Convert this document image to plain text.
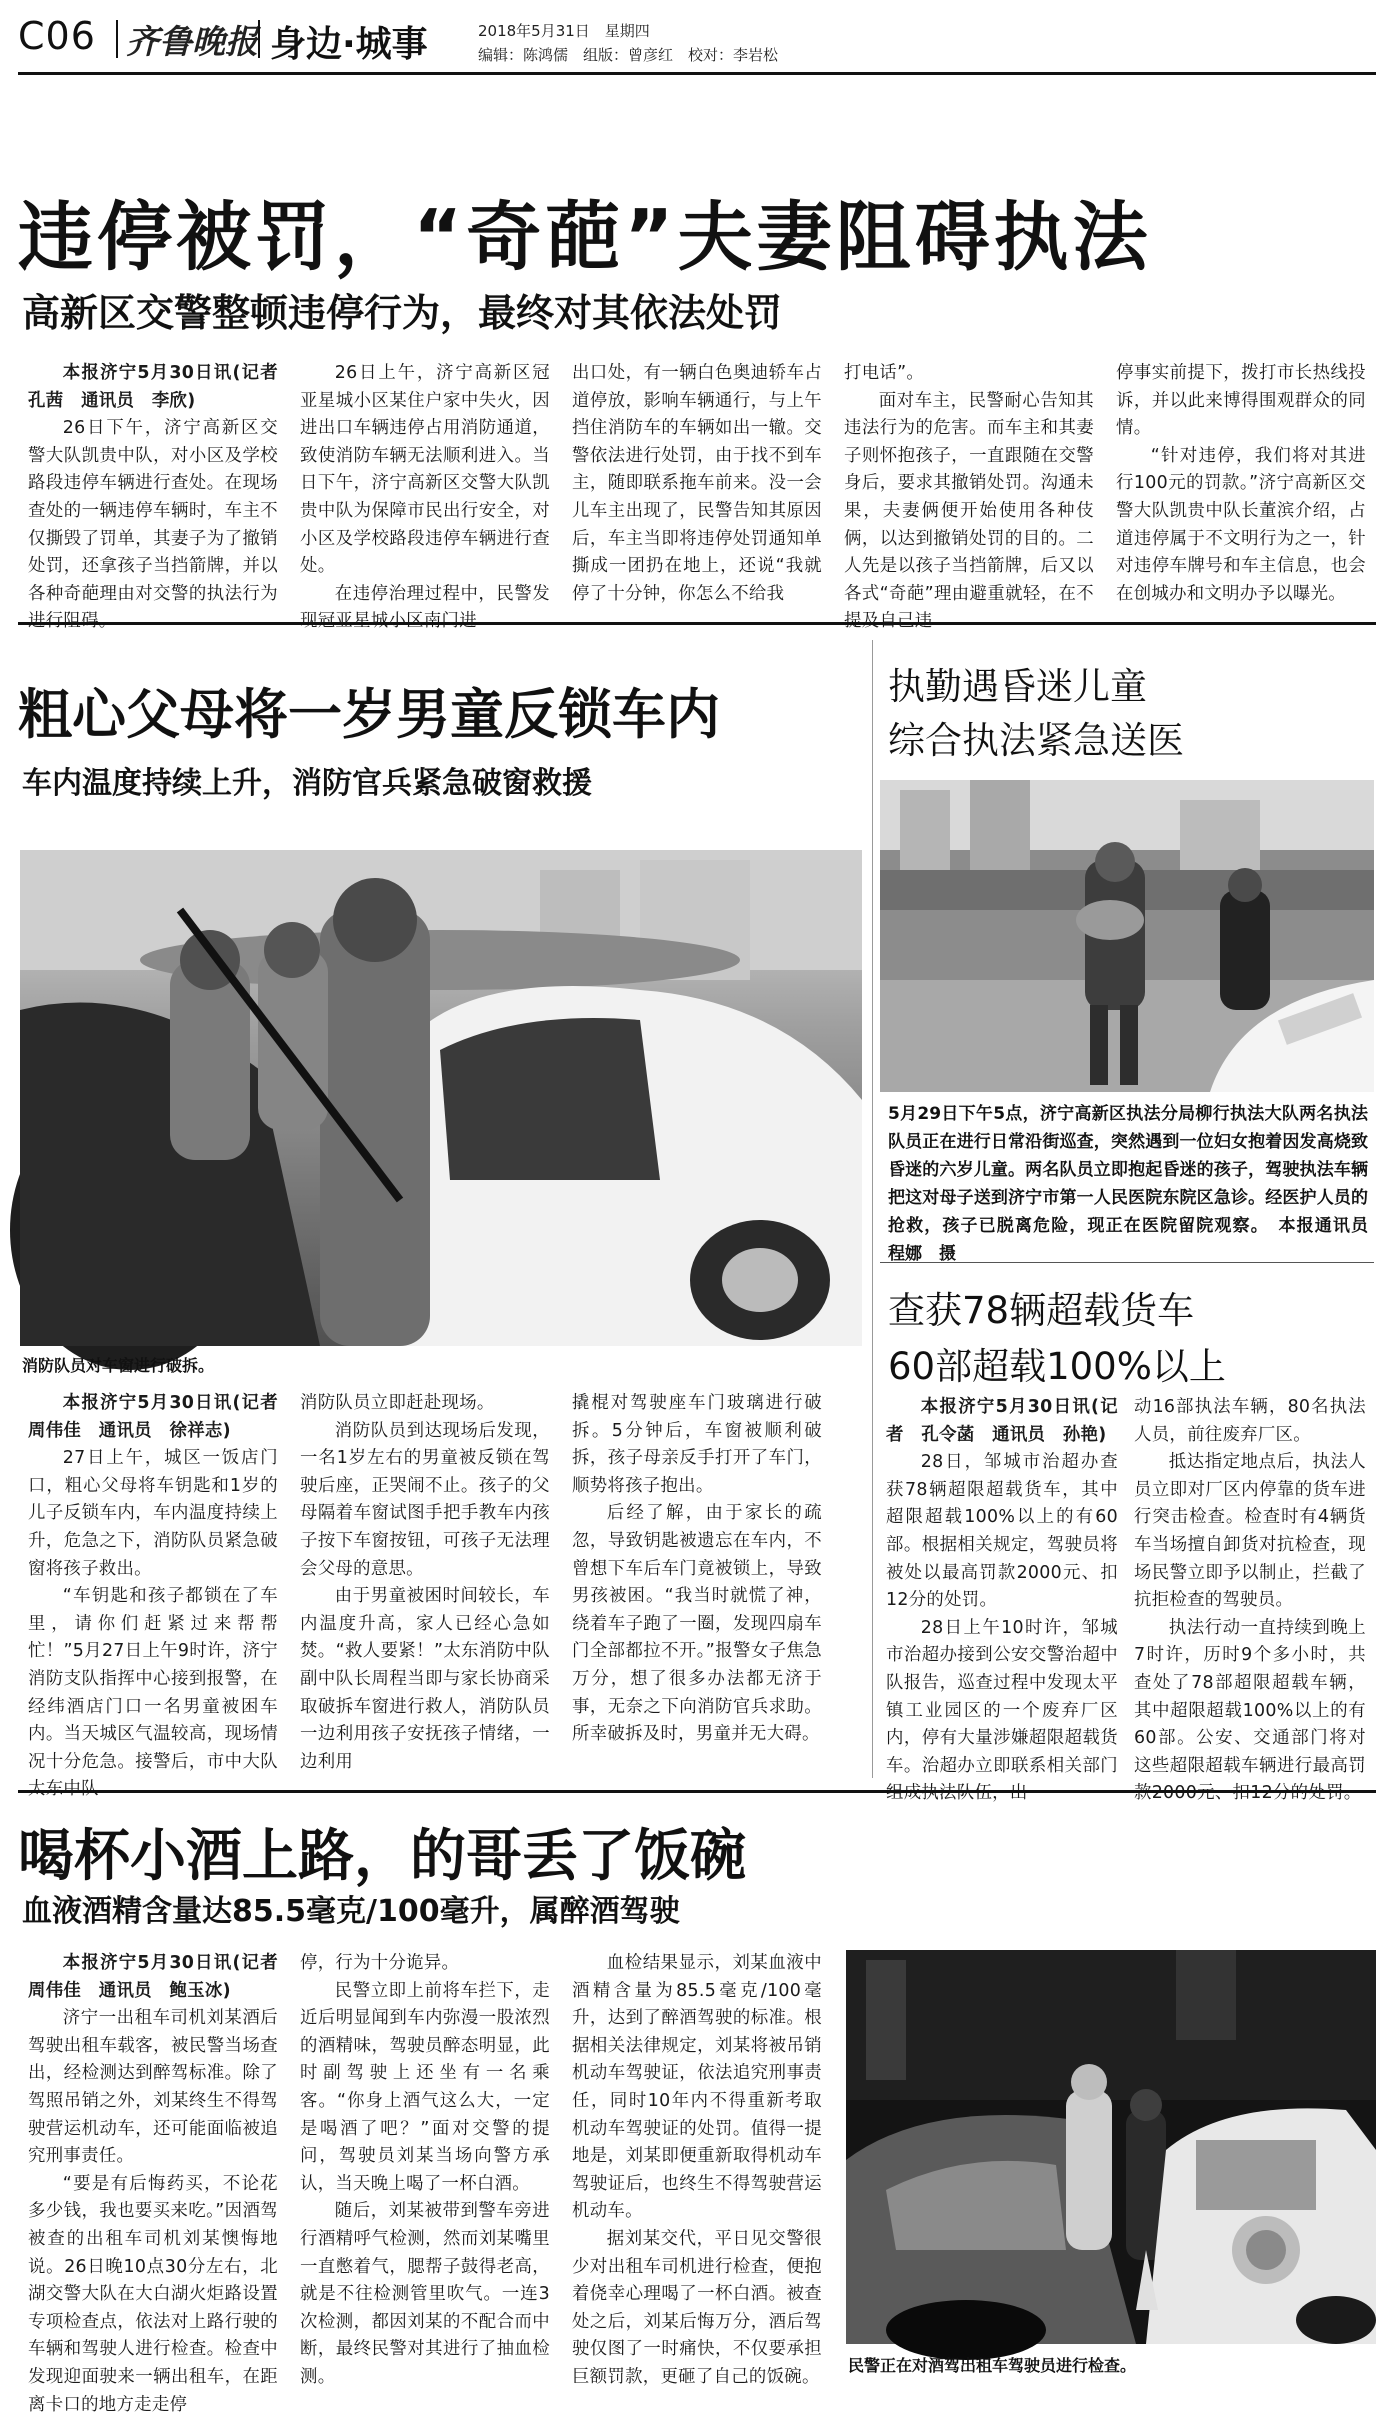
C06 齐鲁晚报 身边·城事	2018年5月31日　星期四
编辑：陈鸿儒　组版：曾彦红　校对：李岩松
违停被罚，“奇葩”夫妻阻碍执法
高新区交警整顿违停行为，最终对其依法处罚

本报济宁5月30日讯(记者　孔茜　通讯员　李欣)

26日下午，济宁高新区交警大队凯贵中队，对小区及学校路段违停车辆进行查处。在现场查处的一辆违停车辆时，车主不仅撕毁了罚单，其妻子为了撤销处罚，还拿孩子当挡箭牌，并以各种奇葩理由对交警的执法行为进行阻碍。

26日上午，济宁高新区冠亚星城小区某住户家中失火，因进出口车辆违停占用消防通道，致使消防车辆无法顺利进入。当日下午，济宁高新区交警大队凯贵中队为保障市民出行安全，对小区及学校路段违停车辆进行查处。

在违停治理过程中，民警发现冠亚星城小区南门进

出口处，有一辆白色奥迪轿车占道停放，影响车辆通行，与上午挡住消防车的车辆如出一辙。交警依法进行处罚，由于找不到车主，随即联系拖车前来。没一会儿车主出现了，民警告知其原因后，车主当即将违停处罚通知单撕成一团扔在地上，还说“我就停了十分钟，你怎么不给我

打电话”。

面对车主，民警耐心告知其违法行为的危害。而车主和其妻子则怀抱孩子，一直跟随在交警身后，要求其撤销处罚。沟通未果，夫妻俩便开始使用各种伎俩，以达到撤销处罚的目的。二人先是以孩子当挡箭牌，后又以各式“奇葩”理由避重就轻，在不提及自己违

停事实前提下，拨打市长热线投诉，并以此来博得围观群众的同情。

“针对违停，我们将对其进行100元的罚款。”济宁高新区交警大队凯贵中队长董滨介绍，占道违停属于不文明行为之一，针对违停车牌号和车主信息，也会在创城办和文明办予以曝光。

粗心父母将一岁男童反锁车内
车内温度持续上升，消防官兵紧急破窗救援
消防队员对车窗进行破拆。

本报济宁5月30日讯(记者　周伟佳　通讯员　徐祥志)

27日上午，城区一饭店门口，粗心父母将车钥匙和1岁的儿子反锁车内，车内温度持续上升，危急之下，消防队员紧急破窗将孩子救出。

“车钥匙和孩子都锁在了车里，请你们赶紧过来帮帮忙！”5月27日上午9时许，济宁消防支队指挥中心接到报警，在经纬酒店门口一名男童被困车内。当天城区气温较高，现场情况十分危急。接警后，市中大队太东中队

消防队员立即赶赴现场。

消防队员到达现场后发现，一名1岁左右的男童被反锁在驾驶后座，正哭闹不止。孩子的父母隔着车窗试图手把手教车内孩子按下车窗按钮，可孩子无法理会父母的意思。

由于男童被困时间较长，车内温度升高，家人已经心急如焚。“救人要紧！”太东消防中队副中队长周程当即与家长协商采取破拆车窗进行救人，消防队员一边利用孩子安抚孩子情绪，一边利用

撬棍对驾驶座车门玻璃进行破拆。5分钟后，车窗被顺利破拆，孩子母亲反手打开了车门，顺势将孩子抱出。

后经了解，由于家长的疏忽，导致钥匙被遗忘在车内，不曾想下车后车门竟被锁上，导致男孩被困。“我当时就慌了神，绕着车子跑了一圈，发现四扇车门全部都拉不开。”报警女子焦急万分，想了很多办法都无济于事，无奈之下向消防官兵求助。所幸破拆及时，男童并无大碍。

执勤遇昏迷儿童
综合执法紧急送医
5月29日下午5点，济宁高新区执法分局柳行执法大队两名执法队员正在进行日常沿街巡查，突然遇到一位妇女抱着因发高烧致昏迷的六岁儿童。两名队员立即抱起昏迷的孩子，驾驶执法车辆把这对母子送到济宁市第一人民医院东院区急诊。经医护人员的抢救，孩子已脱离危险，现正在医院留院观察。　本报通讯员　程娜　摄
查获78辆超载货车
60部超载100%以上

本报济宁5月30日讯(记者　孔令菡　通讯员　孙艳)

28日，邹城市治超办查获78辆超限超载货车，其中超限超载100%以上的有60部。根据相关规定，驾驶员将被处以最高罚款2000元、扣12分的处罚。

28日上午10时许，邹城市治超办接到公安交警治超中队报告，巡查过程中发现太平镇工业园区的一个废弃厂区内，停有大量涉嫌超限超载货车。治超办立即联系相关部门组成执法队伍，出

动16部执法车辆，80名执法人员，前往废弃厂区。

抵达指定地点后，执法人员立即对厂区内停靠的货车进行突击检查。检查时有4辆货车当场擅自卸货对抗检查，现场民警立即予以制止，拦截了抗拒检查的驾驶员。

执法行动一直持续到晚上7时许，历时9个多小时，共查处了78部超限超载车辆，其中超限超载100%以上的有60部。公安、交通部门将对这些超限超载车辆进行最高罚款2000元、扣12分的处罚。

喝杯小酒上路，的哥丢了饭碗
血液酒精含量达85.5毫克/100毫升，属醉酒驾驶

本报济宁5月30日讯(记者　周伟佳　通讯员　鲍玉冰)

济宁一出租车司机刘某酒后驾驶出租车载客，被民警当场查出，经检测达到醉驾标准。除了驾照吊销之外，刘某终生不得驾驶营运机动车，还可能面临被追究刑事责任。

“要是有后悔药买，不论花多少钱，我也要买来吃。”因酒驾被查的出租车司机刘某懊悔地说。26日晚10点30分左右，北湖交警大队在大白湖火炬路设置专项检查点，依法对上路行驶的车辆和驾驶人进行检查。检查中发现迎面驶来一辆出租车，在距离卡口的地方走走停

停，行为十分诡异。

民警立即上前将车拦下，走近后明显闻到车内弥漫一股浓烈的酒精味，驾驶员醉态明显，此时副驾驶上还坐有一名乘客。“你身上酒气这么大，一定是喝酒了吧？”面对交警的提问，驾驶员刘某当场向警方承认，当天晚上喝了一杯白酒。

随后，刘某被带到警车旁进行酒精呼气检测，然而刘某嘴里一直憋着气，腮帮子鼓得老高，就是不往检测管里吹气。一连3次检测，都因刘某的不配合而中断，最终民警对其进行了抽血检测。

血检结果显示，刘某血液中酒精含量为85.5毫克/100毫升，达到了醉酒驾驶的标准。根据相关法律规定，刘某将被吊销机动车驾驶证，依法追究刑事责任，同时10年内不得重新考取机动车驾驶证的处罚。值得一提地是，刘某即便重新取得机动车驾驶证后，也终生不得驾驶营运机动车。

据刘某交代，平日见交警很少对出租车司机进行检查，便抱着侥幸心理喝了一杯白酒。被查处之后，刘某后悔万分，酒后驾驶仅图了一时痛快，不仅要承担巨额罚款，更砸了自己的饭碗。

民警正在对酒驾出租车驾驶员进行检查。
